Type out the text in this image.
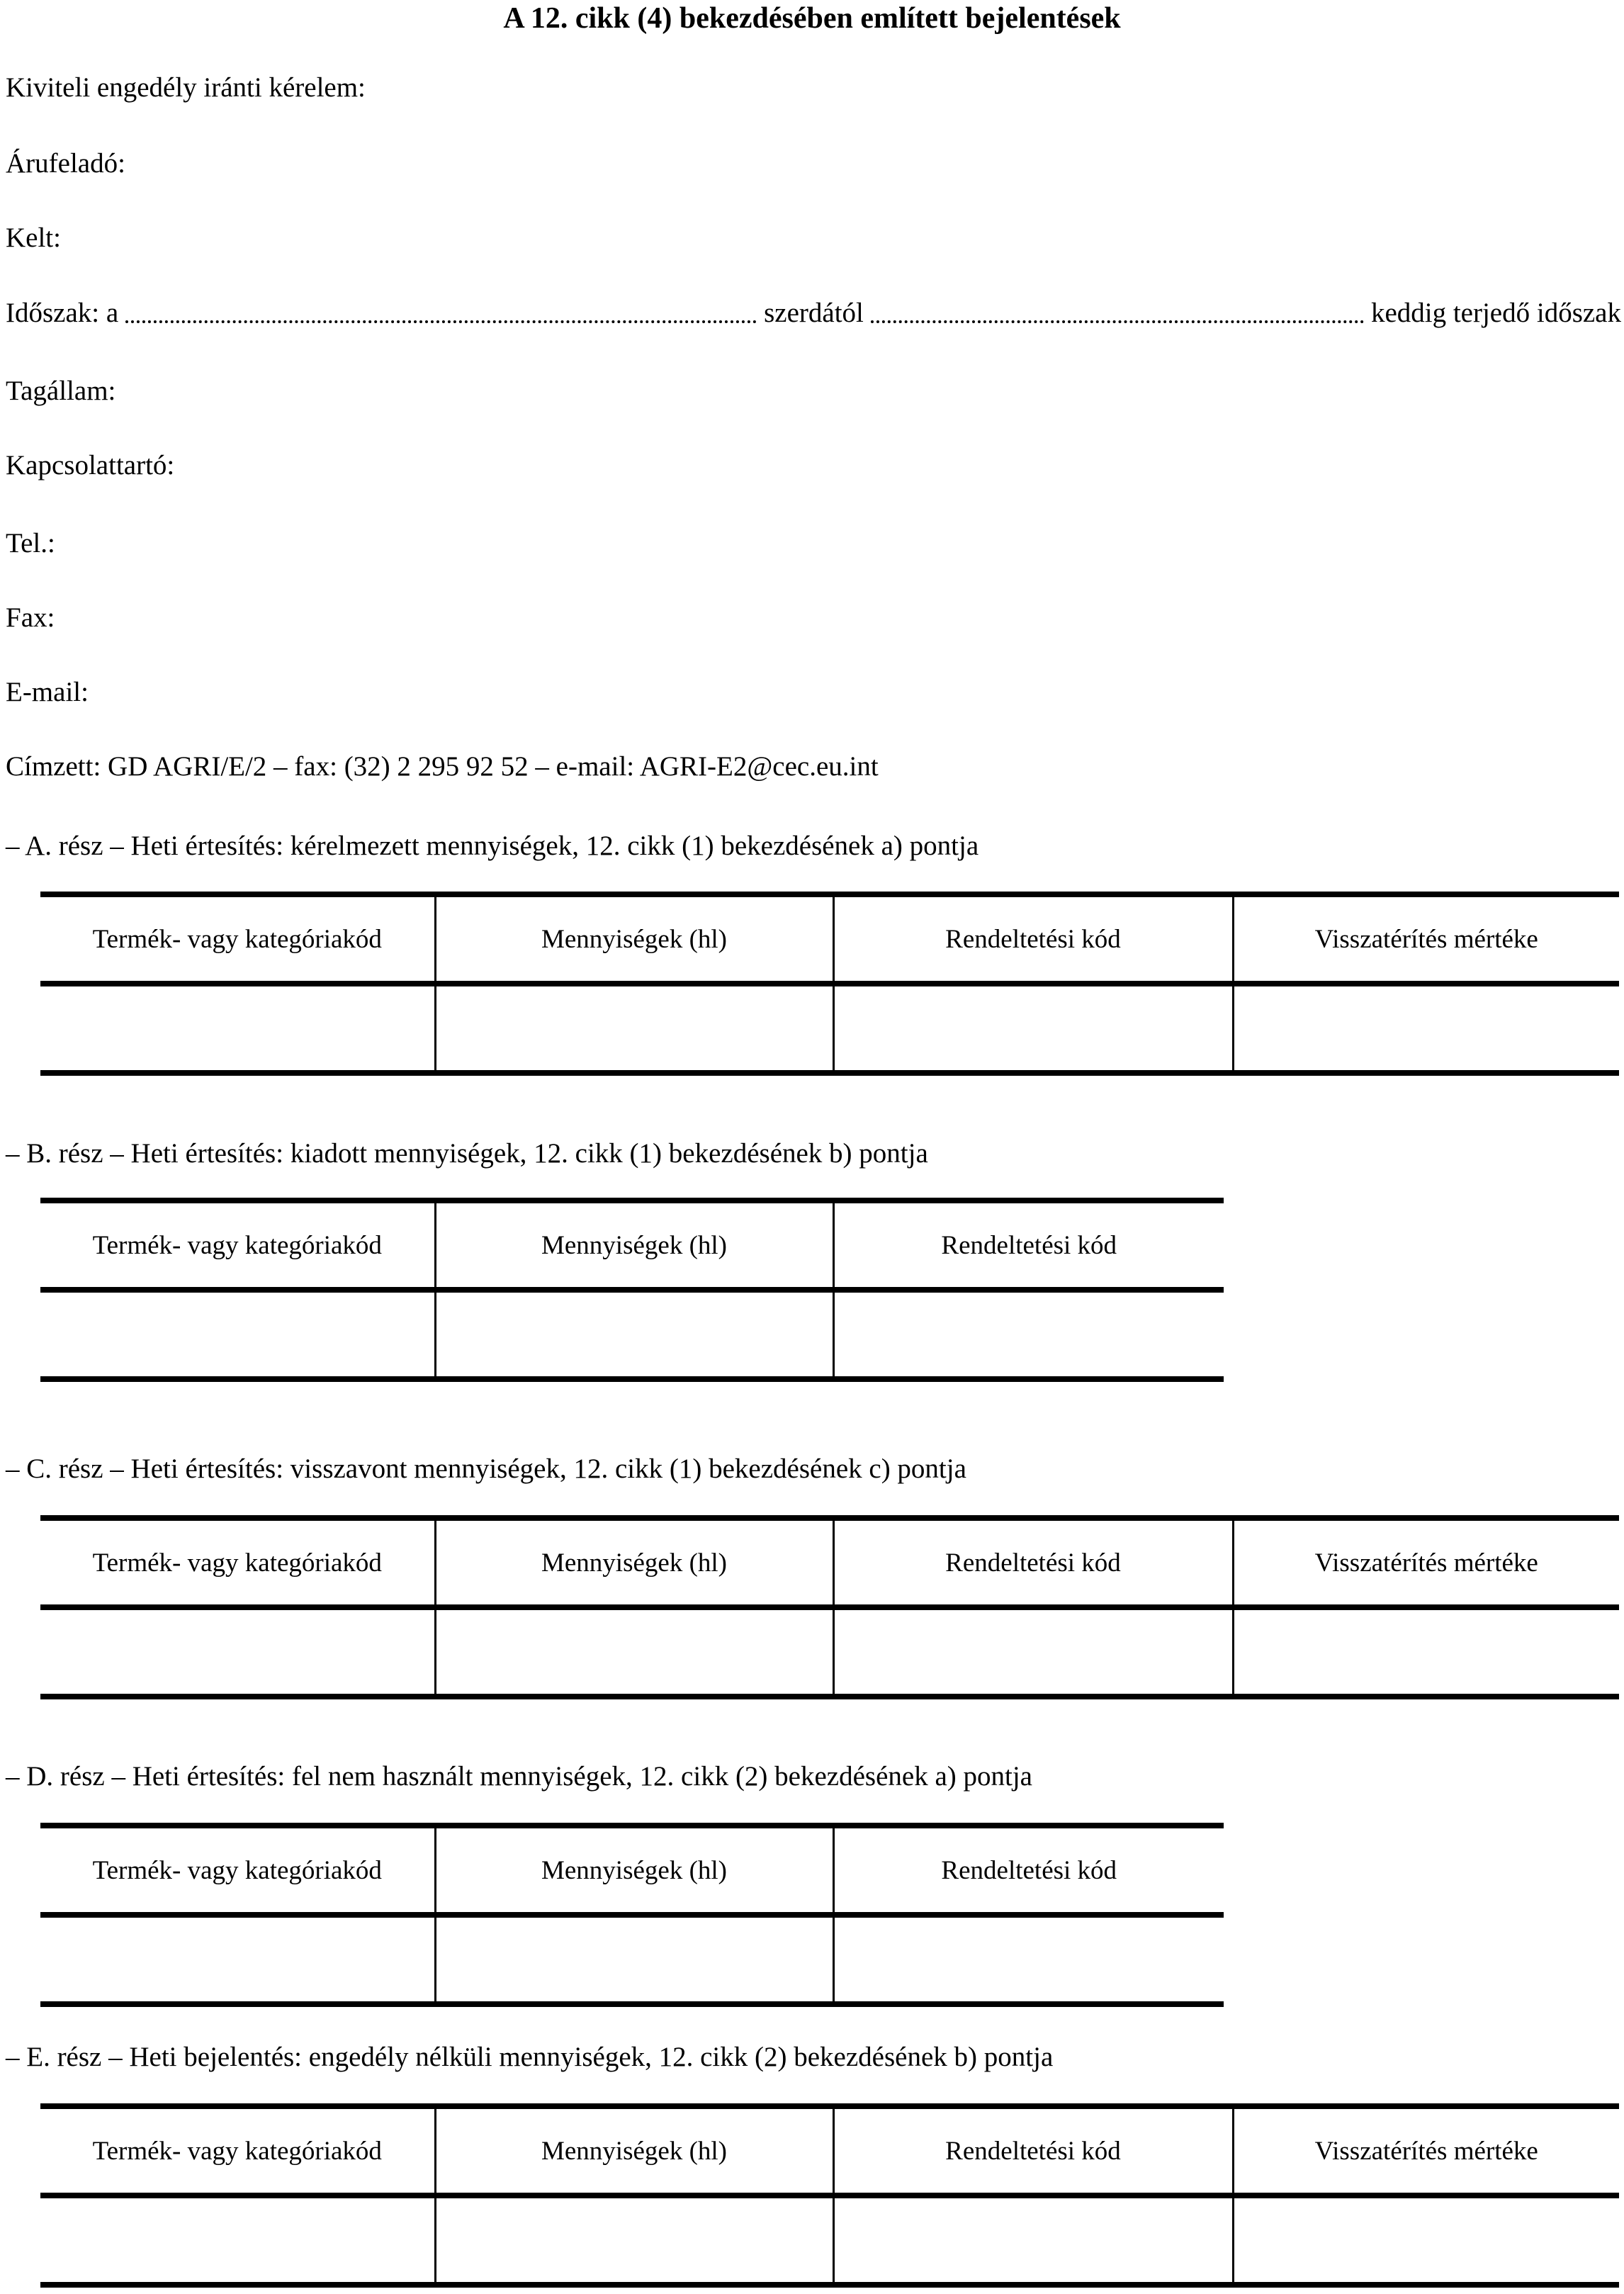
A 12. cikk (4) bekezdésében említett bejelentések
Kiviteli engedély iránti kérelem:
Árufeladó:
Kelt:
Időszak: a	szerdától	keddig terjedő időszak
Tagállam:
Kapcsolattartó:
Tel.:
Fax:
E-mail:
Címzett: GD AGRI/E/2 – fax: (32) 2 295 92 52 – e-mail: AGRI-E2@cec.eu.int
– A. rész – Heti értesítés: kérelmezett mennyiségek, 12. cikk (1) bekezdésének a) pontja
Termék- vagy kategóriakód	Mennyiségek (hl)	Rendeltetési kód	Visszatérítés mértéke

– B. rész – Heti értesítés: kiadott mennyiségek, 12. cikk (1) bekezdésének b) pontja
Termék- vagy kategóriakód	Mennyiségek (hl)	Rendeltetési kód

– C. rész – Heti értesítés: visszavont mennyiségek, 12. cikk (1) bekezdésének c) pontja
Termék- vagy kategóriakód	Mennyiségek (hl)	Rendeltetési kód	Visszatérítés mértéke

– D. rész – Heti értesítés: fel nem használt mennyiségek, 12. cikk (2) bekezdésének a) pontja
Termék- vagy kategóriakód	Mennyiségek (hl)	Rendeltetési kód

– E. rész – Heti bejelentés: engedély nélküli mennyiségek, 12. cikk (2) bekezdésének b) pontja
Termék- vagy kategóriakód	Mennyiségek (hl)	Rendeltetési kód	Visszatérítés mértéke
